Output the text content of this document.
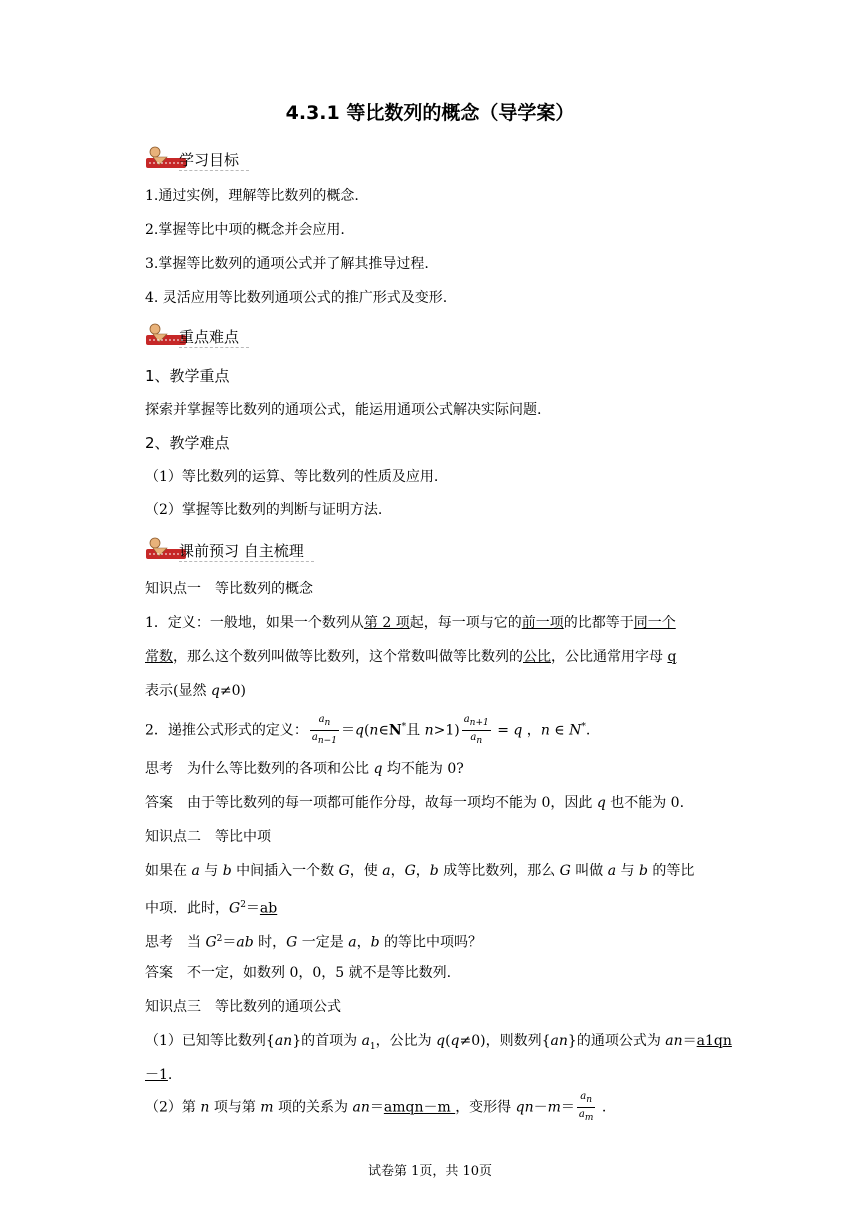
4.3.1 等比数列的概念（导学案）
学习目标
1.通过实例，理解等比数列的概念.
2.掌握等比中项的概念并会应用.
3.掌握等比数列的通项公式并了解其推导过程.
4. 灵活应用等比数列通项公式的推广形式及变形.
重点难点
1、教学重点
探索并掌握等比数列的通项公式，能运用通项公式解决实际问题.
2、教学难点
（1）等比数列的运算、等比数列的性质及应用.
（2）掌握等比数列的判断与证明方法.
课前预习 自主梳理
知识点一　等比数列的概念
1．定义：一般地，如果一个数列从第 2 项起，每一项与它的前一项的比都等于同一个
常数，那么这个数列叫做等比数列，这个常数叫做等比数列的公比，公比通常用字母 q
表示(显然 q≠0)
2．递推公式形式的定义： $\frac{a_n}{a_{n-1}}$ ＝q(n∈N*且 $n>1) \frac{a_{n+1}}{a_n} = q$ ，n ∈ N*.
思考　为什么等比数列的各项和公比 q 均不能为 0?
答案　由于等比数列的每一项都可能作分母，故每一项均不能为 0，因此 q 也不能为 0.
知识点二　等比中项
如果在 a 与 b 中间插入一个数 G，使 a，G，b 成等比数列，那么 G 叫做 a 与 b 的等比
中项．此时，$G^2=ab$
思考　当 $G^2=ab$ 时，G 一定是 a，b 的等比中项吗？
答案　不一定，如数列 0，0，5 就不是等比数列.
知识点三　等比数列的通项公式
（1）已知等比数列{an}的首项为 $a_1$，公比为 q(q≠0)，则数列{an}的通项公式为 an＝a1qn
－1.
（2）第 n 项与第 m 项的关系为 an＝amqn－m ，变形得 $qn-m= \frac{a_n}{a_m}$ .
试卷第 1页，共 10页
